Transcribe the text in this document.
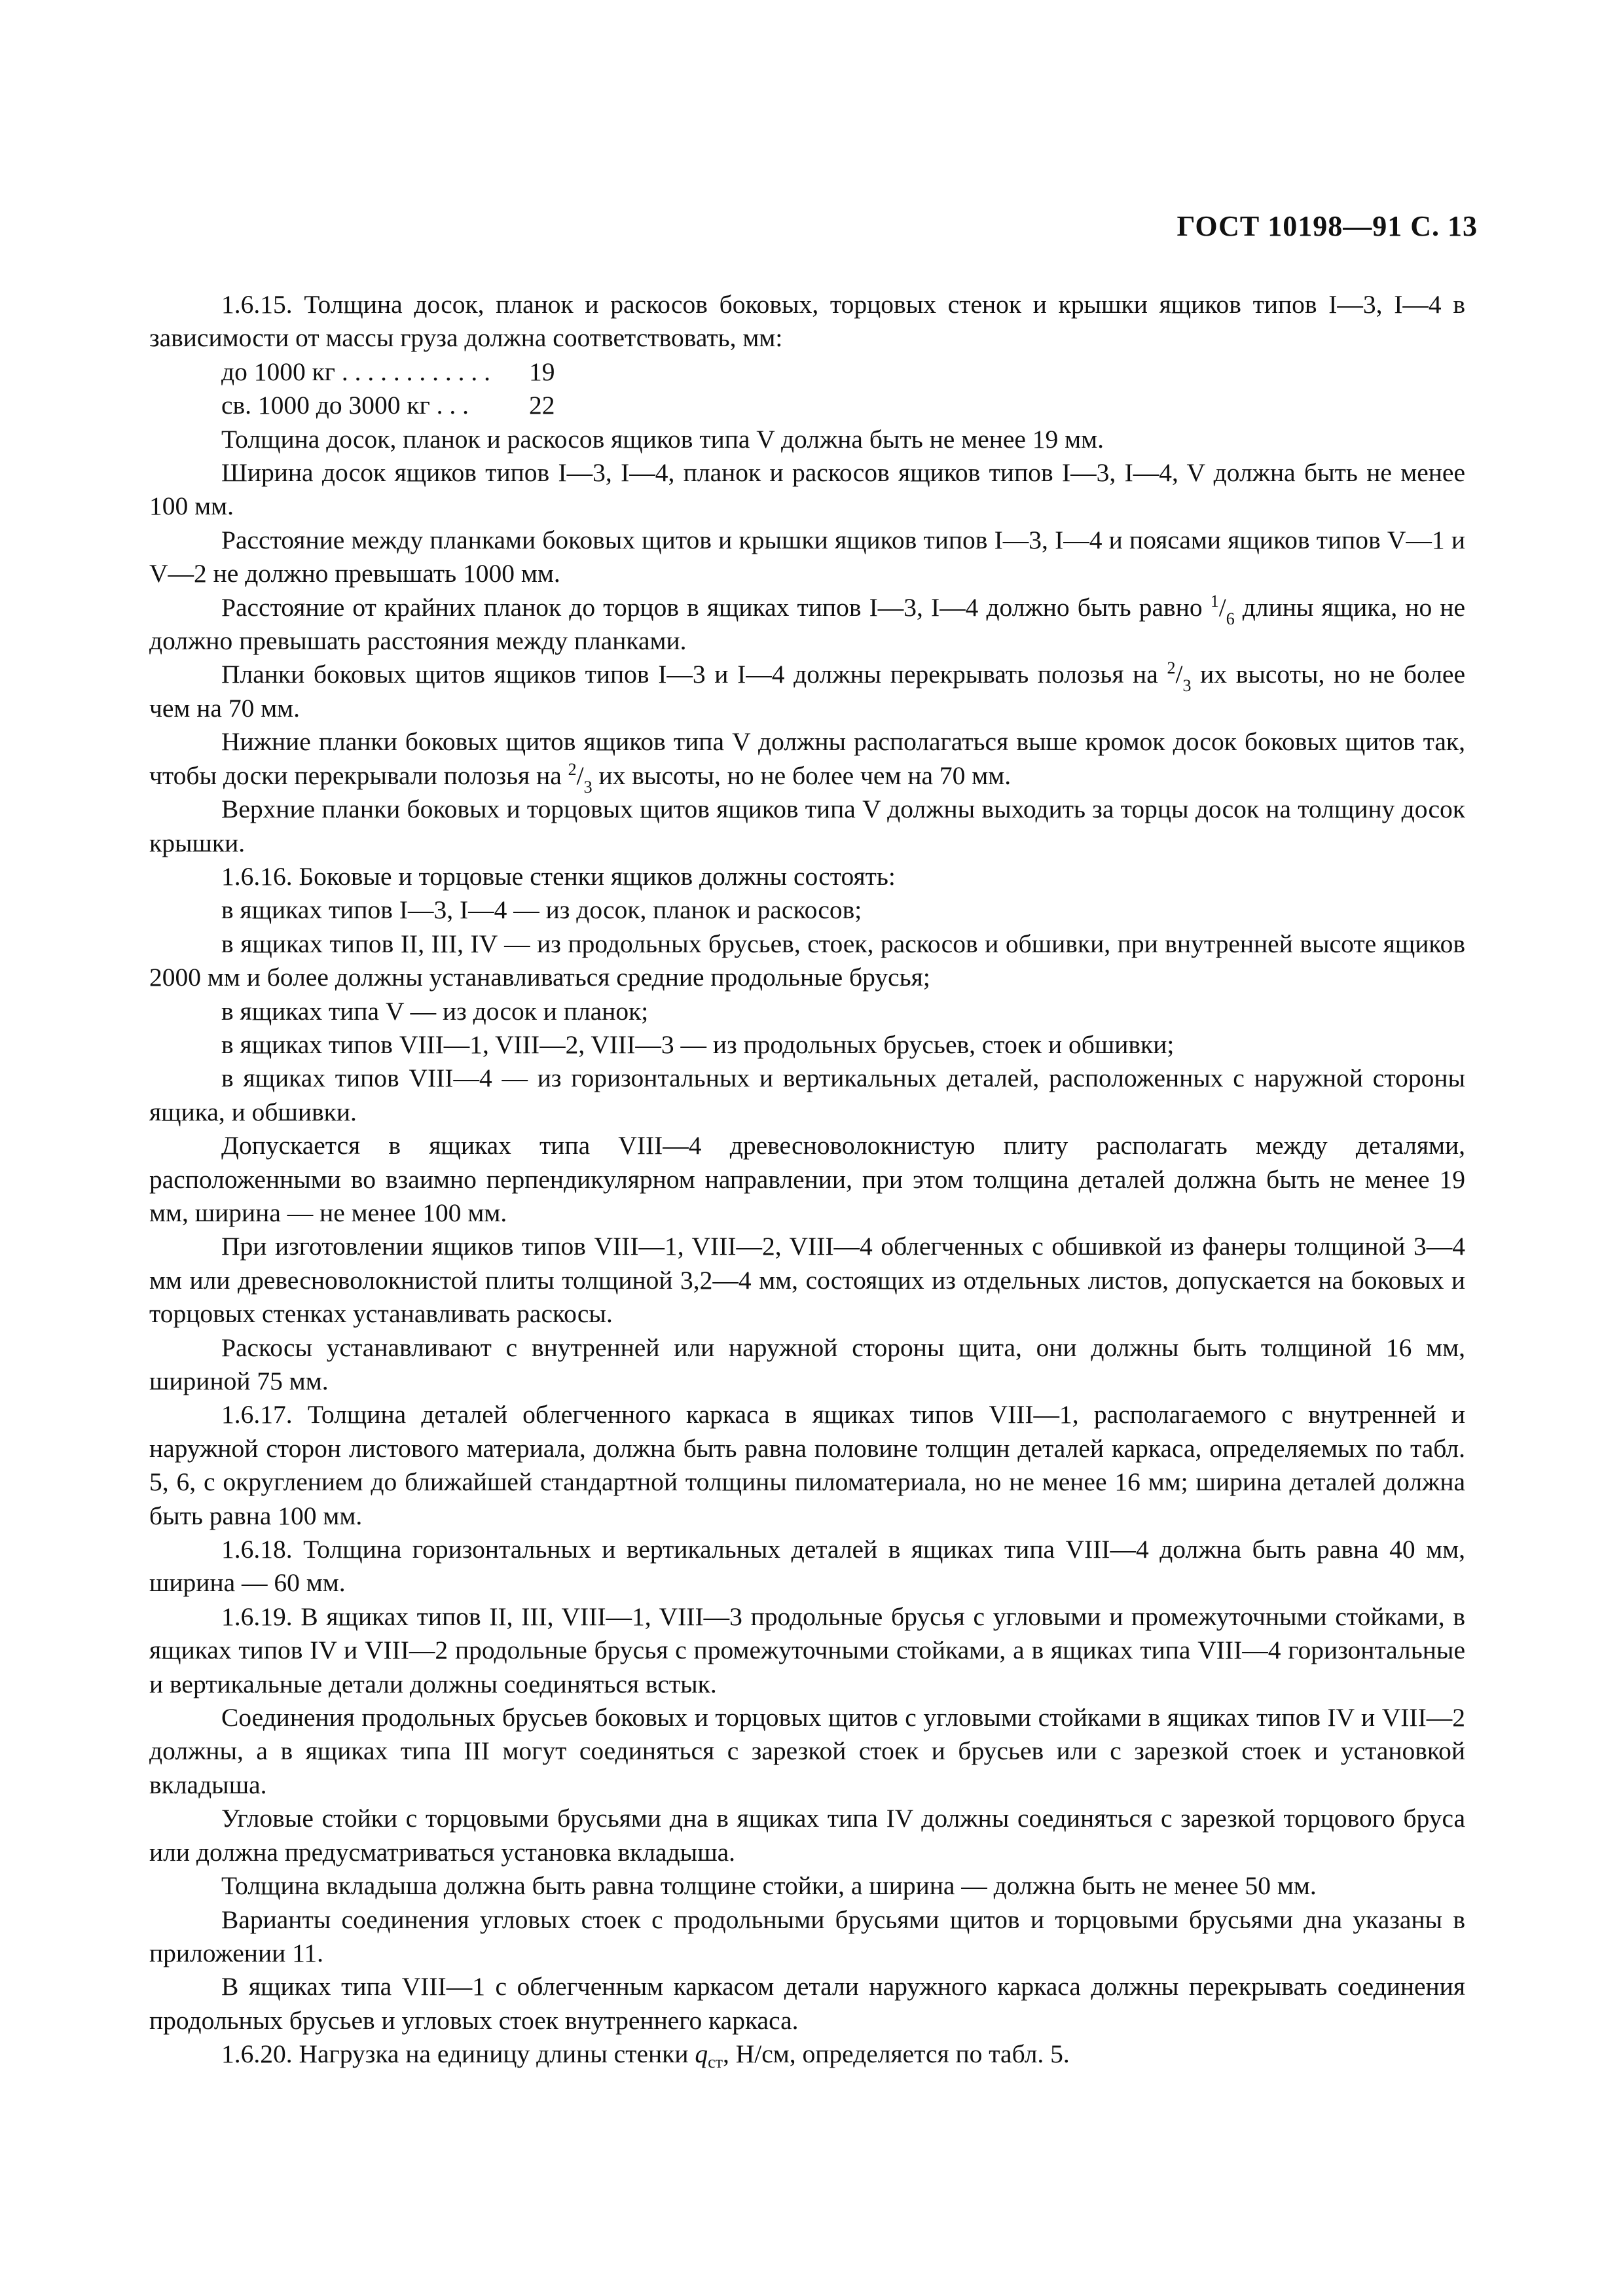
ГОСТ 10198—91 С. 13

1.6.15. Толщина досок, планок и раскосов боковых, торцовых стенок и крышки ящиков типов I—3, I—4 в зависимости от массы груза должна соответствовать, мм:

до 1000 кг . . . . . . . . . . . .	19
св. 1000 до 3000 кг . . .	22

Толщина досок, планок и раскосов ящиков типа V должна быть не менее 19 мм.

Ширина досок ящиков типов I—3, I—4, планок и раскосов ящиков типов I—3, I—4, V должна быть не менее 100 мм.

Расстояние между планками боковых щитов и крышки ящиков типов I—3, I—4 и поясами ящиков типов V—1 и V—2 не должно превышать 1000 мм.

Расстояние от крайних планок до торцов в ящиках типов I—3, I—4 должно быть равно $^1/_6$ длины ящика, но не должно превышать расстояния между планками.

Планки боковых щитов ящиков типов I—3 и I—4 должны перекрывать полозья на $^2/_3$ их высоты, но не более чем на 70 мм.

Нижние планки боковых щитов ящиков типа V должны располагаться выше кромок досок боковых щитов так, чтобы доски перекрывали полозья на $^2/_3$ их высоты, но не более чем на 70 мм.

Верхние планки боковых и торцовых щитов ящиков типа V должны выходить за торцы досок на толщину досок крышки.

1.6.16. Боковые и торцовые стенки ящиков должны состоять:

в ящиках типов I—3, I—4 — из досок, планок и раскосов;

в ящиках типов II, III, IV — из продольных брусьев, стоек, раскосов и обшивки, при внутренней высоте ящиков 2000 мм и более должны устанавливаться средние продольные брусья;

в ящиках типа V — из досок и планок;

в ящиках типов VIII—1, VIII—2, VIII—3 — из продольных брусьев, стоек и обшивки;

в ящиках типов VIII—4 — из горизонтальных и вертикальных деталей, расположенных с наружной стороны ящика, и обшивки.

Допускается в ящиках типа VIII—4 древесноволокнистую плиту располагать между деталями, расположенными во взаимно перпендикулярном направлении, при этом толщина деталей должна быть не менее 19 мм, ширина — не менее 100 мм.

При изготовлении ящиков типов VIII—1, VIII—2, VIII—4 облегченных с обшивкой из фанеры толщиной 3—4 мм или древесноволокнистой плиты толщиной 3,2—4 мм, состоящих из отдельных листов, допускается на боковых и торцовых стенках устанавливать раскосы.

Раскосы устанавливают с внутренней или наружной стороны щита, они должны быть толщиной 16 мм, шириной 75 мм.

1.6.17. Толщина деталей облегченного каркаса в ящиках типов VIII—1, располагаемого с внутренней и наружной сторон листового материала, должна быть равна половине толщин деталей каркаса, определяемых по табл. 5, 6, с округлением до ближайшей стандартной толщины пиломатериала, но не менее 16 мм; ширина деталей должна быть равна 100 мм.

1.6.18. Толщина горизонтальных и вертикальных деталей в ящиках типа VIII—4 должна быть равна 40 мм, ширина — 60 мм.

1.6.19. В ящиках типов II, III, VIII—1, VIII—3 продольные брусья с угловыми и промежуточными стойками, в ящиках типов IV и VIII—2 продольные брусья с промежуточными стойками, а в ящиках типа VIII—4 горизонтальные и вертикальные детали должны соединяться встык.

Соединения продольных брусьев боковых и торцовых щитов с угловыми стойками в ящиках типов IV и VIII—2 должны, а в ящиках типа III могут соединяться с зарезкой стоек и брусьев или с зарезкой стоек и установкой вкладыша.

Угловые стойки с торцовыми брусьями дна в ящиках типа IV должны соединяться с зарезкой торцового бруса или должна предусматриваться установка вкладыша.

Толщина вкладыша должна быть равна толщине стойки, а ширина — должна быть не менее 50 мм.

Варианты соединения угловых стоек с продольными брусьями щитов и торцовыми брусьями дна указаны в приложении 11.

В ящиках типа VIII—1 с облегченным каркасом детали наружного каркаса должны перекрывать соединения продольных брусьев и угловых стоек внутреннего каркаса.

1.6.20. Нагрузка на единицу длины стенки $q_{ст}$, Н/см, определяется по табл. 5.
